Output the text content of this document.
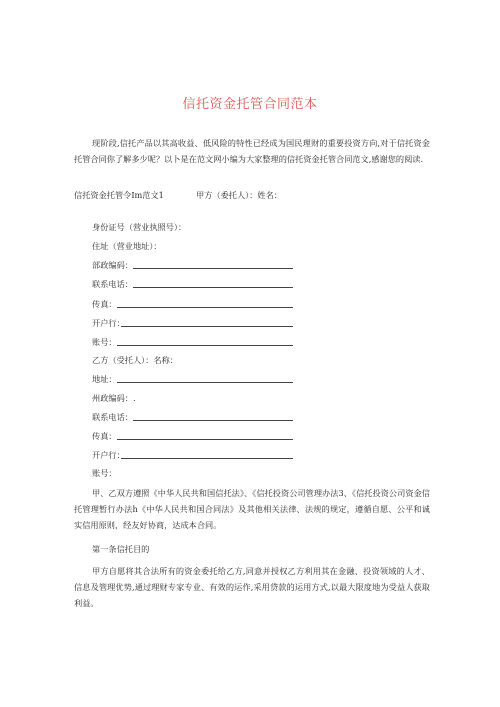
信托资金托管合同范本
现阶段,信托产品以其高收益、低风险的特性已经成为国民理财的重要投资方向,对于信托资金托管合同你了解多少呢？以卜是在范文网小编为大家整理的信托资金托管合同范文,感谢您的阅读.
信托资金托管令Im范文1	甲方（委托人）：姓名：
身份证号（营业执照号）：
住址（营业地址）：
部政编码：
联系电话：
传真：
开户行：
账号：
乙方（受托人）：名称：
地址：
州政编码：.
联系电话：
传真：
开户行：
账号：
甲、乙双方遵照《中华人民共和国信托法》、《信托投资公司管理办法3、《信托投资公司资金信托管理暂行办法h《中华人民共和国合同法》及其他相关法律、法规的规定，遵循自愿、公平和诚实信用原则，经友好协商，达成本合同。
第一条信托目的
甲方自愿将其合法所有的资金委托给乙方,同意并授权乙方利用其在金融、投资领域的人才、信息及管理优势,通过理财专家专业、有效的运作,采用贷款的运用方式,以最大限度地为受益人获取利益。
